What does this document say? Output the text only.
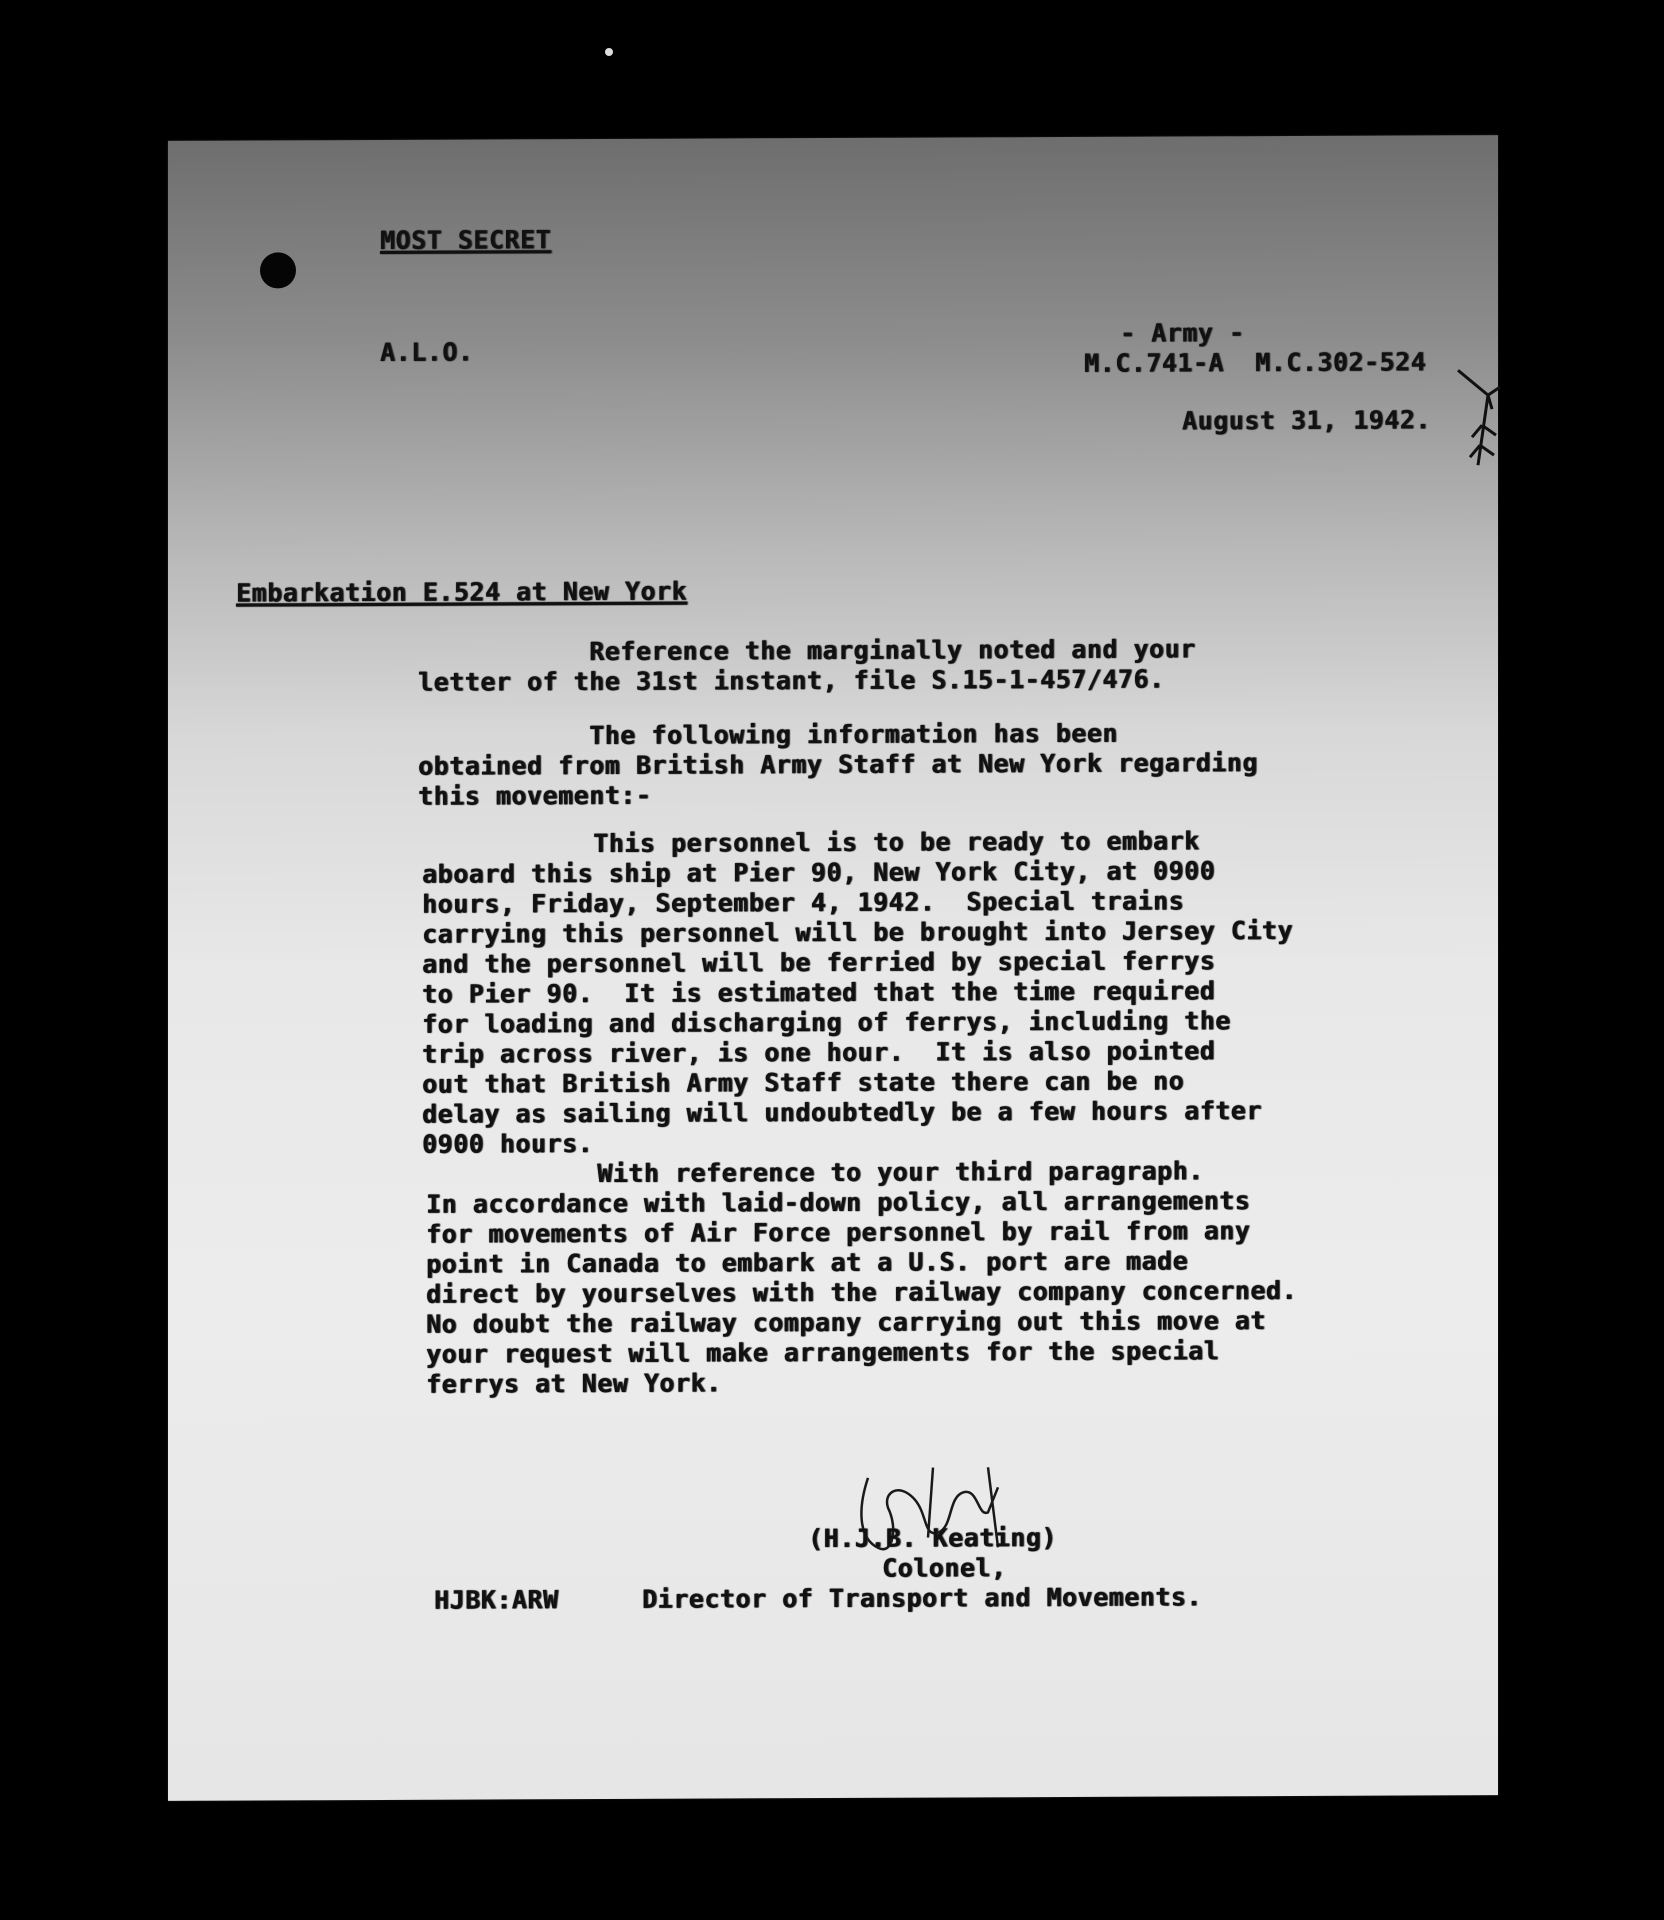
MOST SECRET
A.L.O.
- Army -
M.C.741-A  M.C.302-524
August 31, 1942.
Embarkation E.524 at New York
Reference the marginally noted and your
letter of the 31st instant, file S.15-1-457/476.
The following information has been
obtained from British Army Staff at New York regarding
this movement:-
This personnel is to be ready to embark
aboard this ship at Pier 90, New York City, at 0900
hours, Friday, September 4, 1942.  Special trains
carrying this personnel will be brought into Jersey City
and the personnel will be ferried by special ferrys
to Pier 90.  It is estimated that the time required
for loading and discharging of ferrys, including the
trip across river, is one hour.  It is also pointed
out that British Army Staff state there can be no
delay as sailing will undoubtedly be a few hours after
0900 hours.
With reference to your third paragraph.
In accordance with laid-down policy, all arrangements
for movements of Air Force personnel by rail from any
point in Canada to embark at a U.S. port are made
direct by yourselves with the railway company concerned.
No doubt the railway company carrying out this move at
your request will make arrangements for the special
ferrys at New York.
(H.J.B. Keating)
Colonel,
Director of Transport and Movements.
HJBK:ARW
